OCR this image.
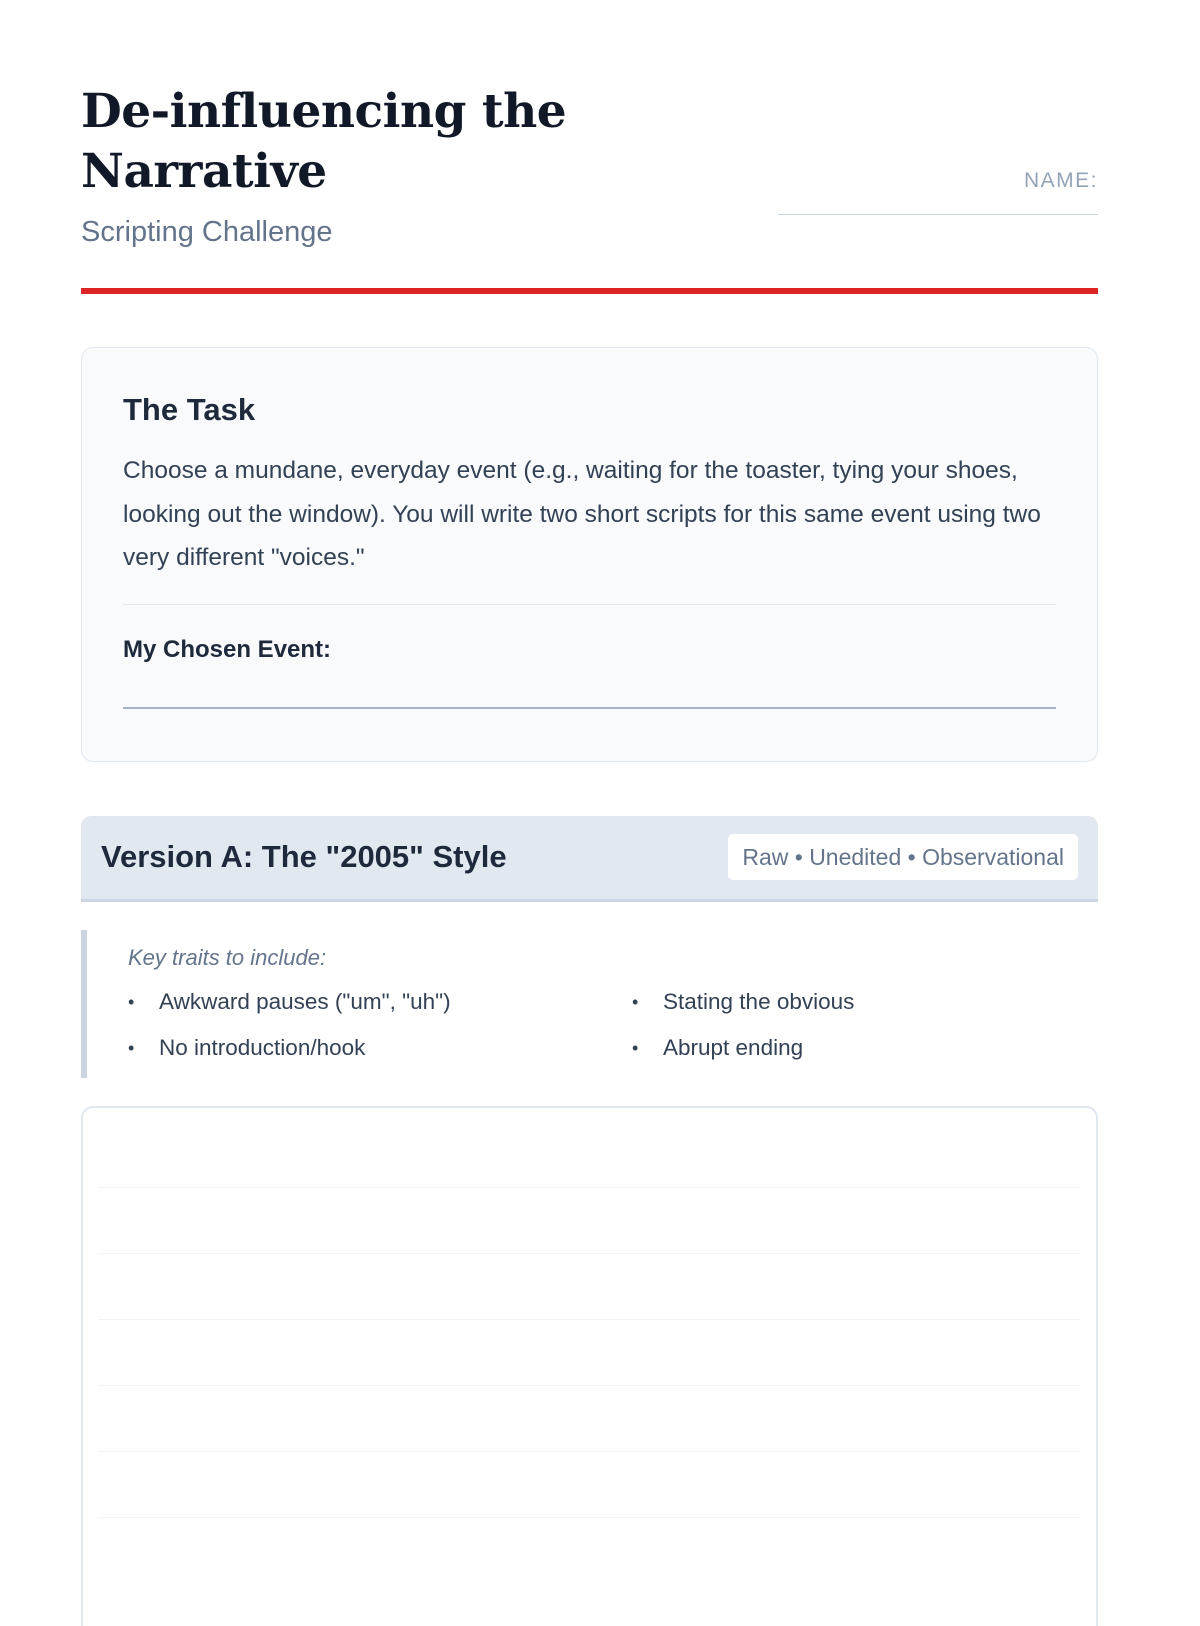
De-influencing the Narrative
Scripting Challenge
NAME:
The Task
Choose a mundane, everyday event (e.g., waiting for the toaster, tying your shoes, looking out the window). You will write two short scripts for this same event using two very different "voices."
My Chosen Event:
Version A: The "2005" Style	Raw • Unedited • Observational
Key traits to include:
• Awkward pauses ("um", "uh")	• Stating the obvious
• No introduction/hook	• Abrupt ending
